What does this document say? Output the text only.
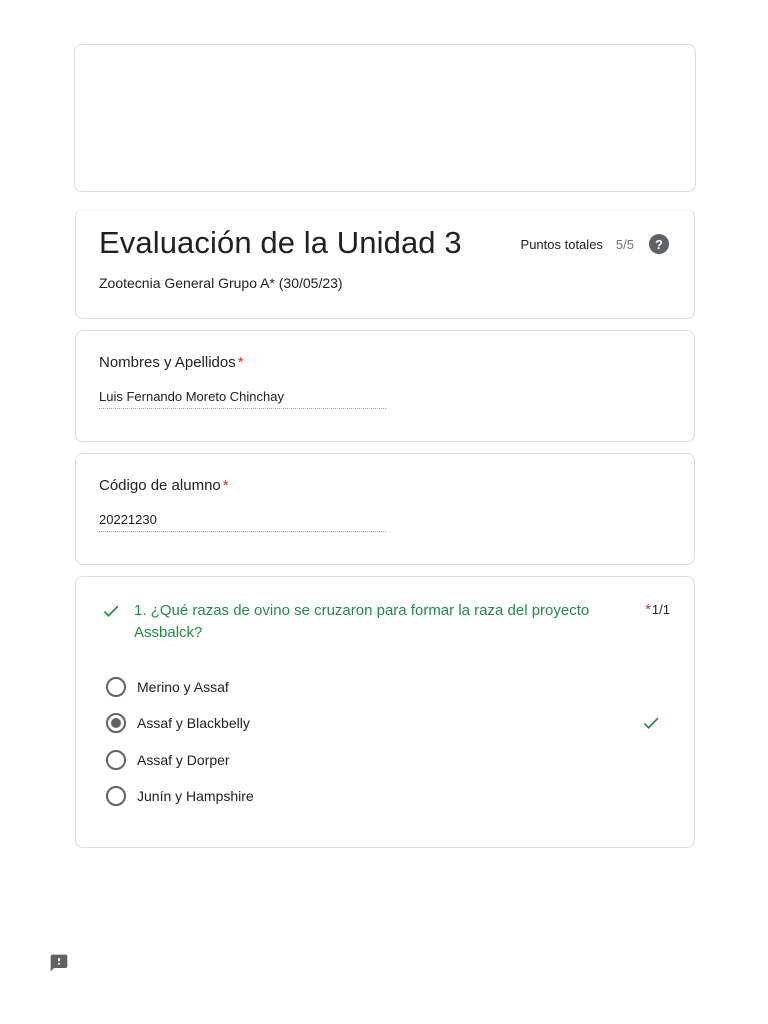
Evaluación de la Unidad 3
Zootecnia General Grupo A* (30/05/23)
Puntos totales 5/5	?
Nombres y Apellidos *
Luis Fernando Moreto Chinchay
Código de alumno *
20221230
1. ¿Qué razas de ovino se cruzaron para formar la raza del proyecto Assbalck?
*1/1
Merino y Assaf
Assaf y Blackbelly
Assaf y Dorper
Junín y Hampshire
